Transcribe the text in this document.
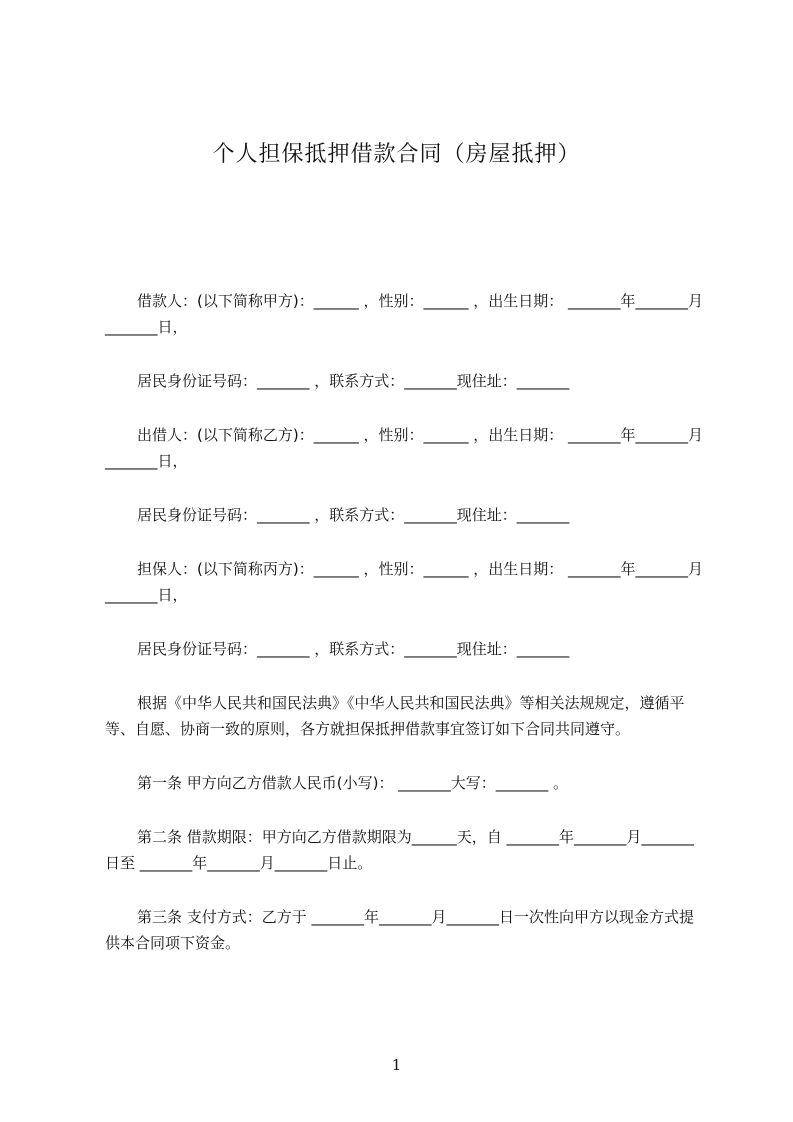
个人担保抵押借款合同（房屋抵押）

借款人：(以下简称甲方)：______ ，性别：______ ，出生日期： _______年_______月_______日，

居民身份证号码：_______ ，联系方式：_______现住址：_______

出借人：(以下简称乙方)：______ ，性别：______ ，出生日期： _______年_______月_______日，

居民身份证号码：_______ ，联系方式：_______现住址：_______

担保人：(以下简称丙方)：______ ，性别：______ ，出生日期： _______年_______月_______日，

居民身份证号码：_______ ，联系方式：_______现住址：_______

根据《中华人民共和国民法典》《中华人民共和国民法典》等相关法规规定，遵循平等、自愿、协商一致的原则，各方就担保抵押借款事宜签订如下合同共同遵守。

第一条 甲方向乙方借款人民币(小写)： _______大写：_______ 。

第二条 借款期限：甲方向乙方借款期限为______天，自 _______年_______月_______日至 _______年_______月_______日止。

第三条 支付方式：乙方于 _______年_______月_______日一次性向甲方以现金方式提供本合同项下资金。

1
